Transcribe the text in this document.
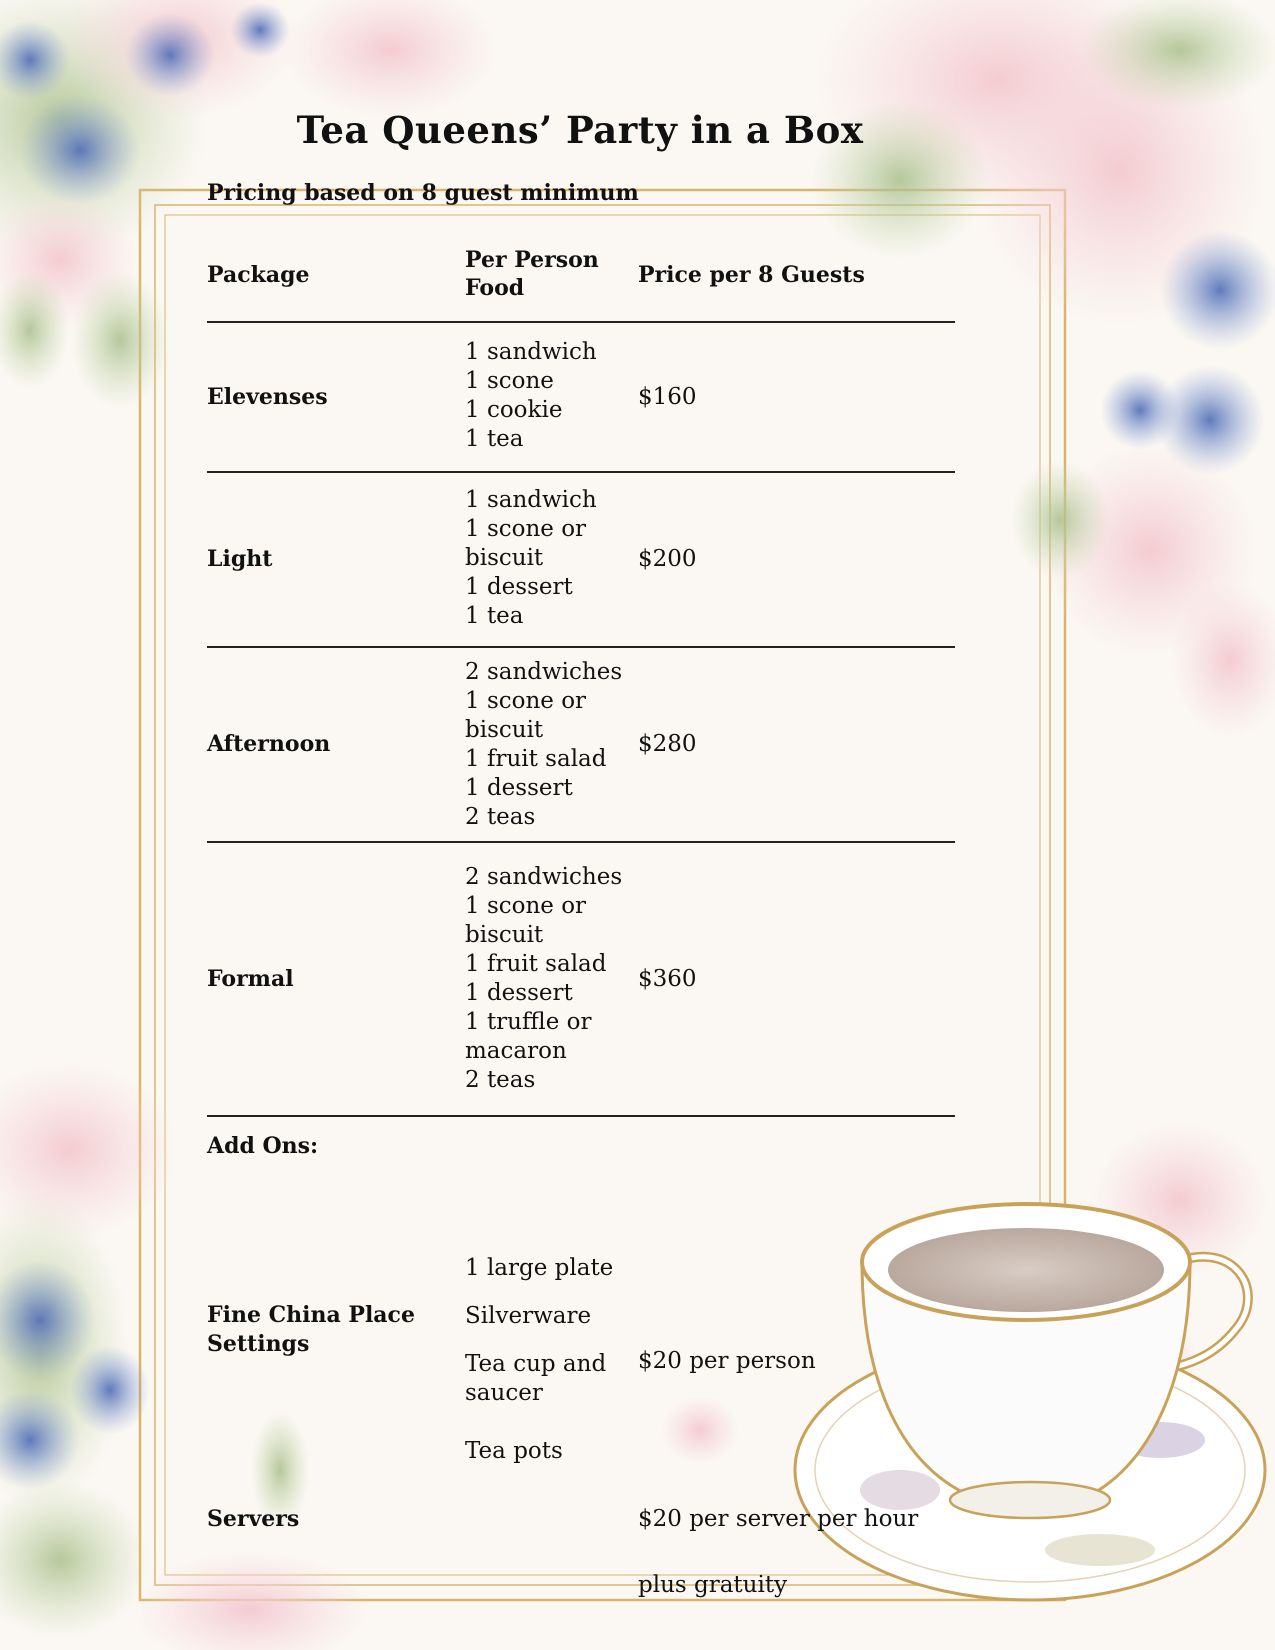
Tea Queens’ Party in a Box
Pricing based on 8 guest minimum
Package
Per Person Food	Price per 8 Guests
Elevenses
1 sandwich
1 scone
1 cookie
1 tea
$160
Light
1 sandwich
1 scone or
biscuit
1 dessert
1 tea
$200
Afternoon
2 sandwiches
1 scone or
biscuit
1 fruit salad
1 dessert
2 teas
$280
Formal
2 sandwiches
1 scone or
biscuit
1 fruit salad
1 dessert
1 truffle or
macaron
2 teas
$360
Add Ons:
Fine China Place Settings
1 large plate
Silverware
Tea cup and saucer
Tea pots
$20 per person
Servers	$20 per server per hour
plus gratuity
